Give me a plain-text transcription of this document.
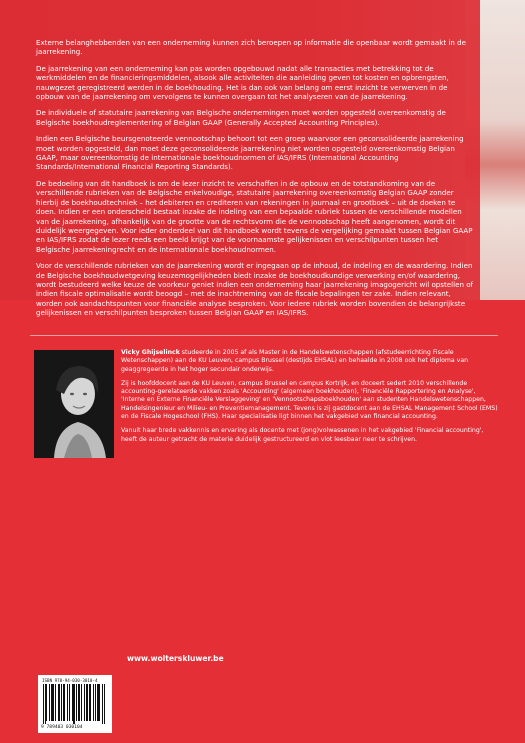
Externe belanghebbenden van een onderneming kunnen zich beroepen op informatie die openbaar wordt gemaakt in de jaarrekening.

De jaarrekening van een onderneming kan pas worden opgebouwd nadat alle transacties met betrekking tot de werkmiddelen en de financieringsmiddelen, alsook alle activiteiten die aanleiding geven tot kosten en opbrengsten, nauwgezet geregistreerd werden in de boekhouding. Het is dan ook van belang om eerst inzicht te verwerven in de opbouw van de jaarrekening om vervolgens te kunnen overgaan tot het analyseren van de jaarrekening.

De individuele of statutaire jaarrekening van Belgische ondernemingen moet worden opgesteld overeenkomstig de Belgische boekhoudreglementering of Belgian GAAP (Generally Accepted Accounting Principles).

Indien een Belgische beursgenoteerde vennootschap behoort tot een groep waarvoor een geconsolideerde jaarrekening moet worden opgesteld, dan moet deze geconsolideerde jaarrekening niet worden opgesteld overeenkomstig Belgian GAAP, maar overeenkomstig de internationale boekhoudnormen of IAS/IFRS (International Accounting Standards/International Financial Reporting Standards).

De bedoeling van dit handboek is om de lezer inzicht te verschaffen in de opbouw en de totstandkoming van de verschillende rubrieken van de Belgische enkelvoudige, statutaire jaarrekening overeenkomstig Belgian GAAP zonder hierbij de boekhoudtechniek – het debiteren en crediteren van rekeningen in journaal en grootboek – uit de doeken te doen. Indien er een onderscheid bestaat inzake de indeling van een bepaalde rubriek tussen de verschillende modellen van de jaarrekening, afhankelijk van de grootte van de rechtsvorm die de vennootschap heeft aangenomen, wordt dit duidelijk weergegeven. Voor ieder onderdeel van dit handboek wordt tevens de vergelijking gemaakt tussen Belgian GAAP en IAS/IFRS zodat de lezer reeds een beeld krijgt van de voornaamste gelijkenissen en verschilpunten tussen het Belgische jaarrekeningrecht en de internationale boekhoudnormen.

Voor de verschillende rubrieken van de jaarrekening wordt er ingegaan op de inhoud, de indeling en de waardering. Indien de Belgische boekhoudwetgeving keuzemogelijkheden biedt inzake de boekhoudkundige verwerking en/of waardering, wordt bestudeerd welke keuze de voorkeur geniet indien een onderneming haar jaarrekening imagogericht wil opstellen of indien fiscale optimalisatie wordt beoogd – met de inachtneming van de fiscale bepalingen ter zake. Indien relevant, worden ook aandachtspunten voor financiële analyse besproken. Voor iedere rubriek worden bovendien de belangrijkste gelijkenissen en verschilpunten besproken tussen Belgian GAAP en IAS/IFRS.

Vicky Ghijselinck studeerde in 2005 af als Master in de Handelswetenschappen (afstudeerrichting Fiscale Wetenschappen) aan de KU Leuven, campus Brussel (destijds EHSAL) en behaalde in 2008 ook het diploma van geaggregeerde in het hoger secundair onderwijs.

Zij is hoofddocent aan de KU Leuven, campus Brussel en campus Kortrijk, en doceert sedert 2010 verschillende accounting-gerelateerde vakken zoals 'Accounting' (algemeen boekhouden), 'Financiële Rapportering en Analyse', 'Interne en Externe Financiële Verslaggeving' en 'Vennootschapsboekhouden' aan studenten Handelswetenschappen, Handelsingenieur en Milieu- en Preventiemanagement. Tevens is zij gastdocent aan de EHSAL Management School (EMS) en de Fiscale Hogeschool (FHS). Haar specialisatie ligt binnen het vakgebied van financial accounting.

Vanuit haar brede vakkennis en ervaring als docente met (jong)volwassenen in het vakgebied 'Financial accounting', heeft de auteur getracht de materie duidelijk gestructureerd en vlot leesbaar neer te schrijven.

www.wolterskluwer.be
ISBN 978-94-030-3010-4
9 789403 030104
